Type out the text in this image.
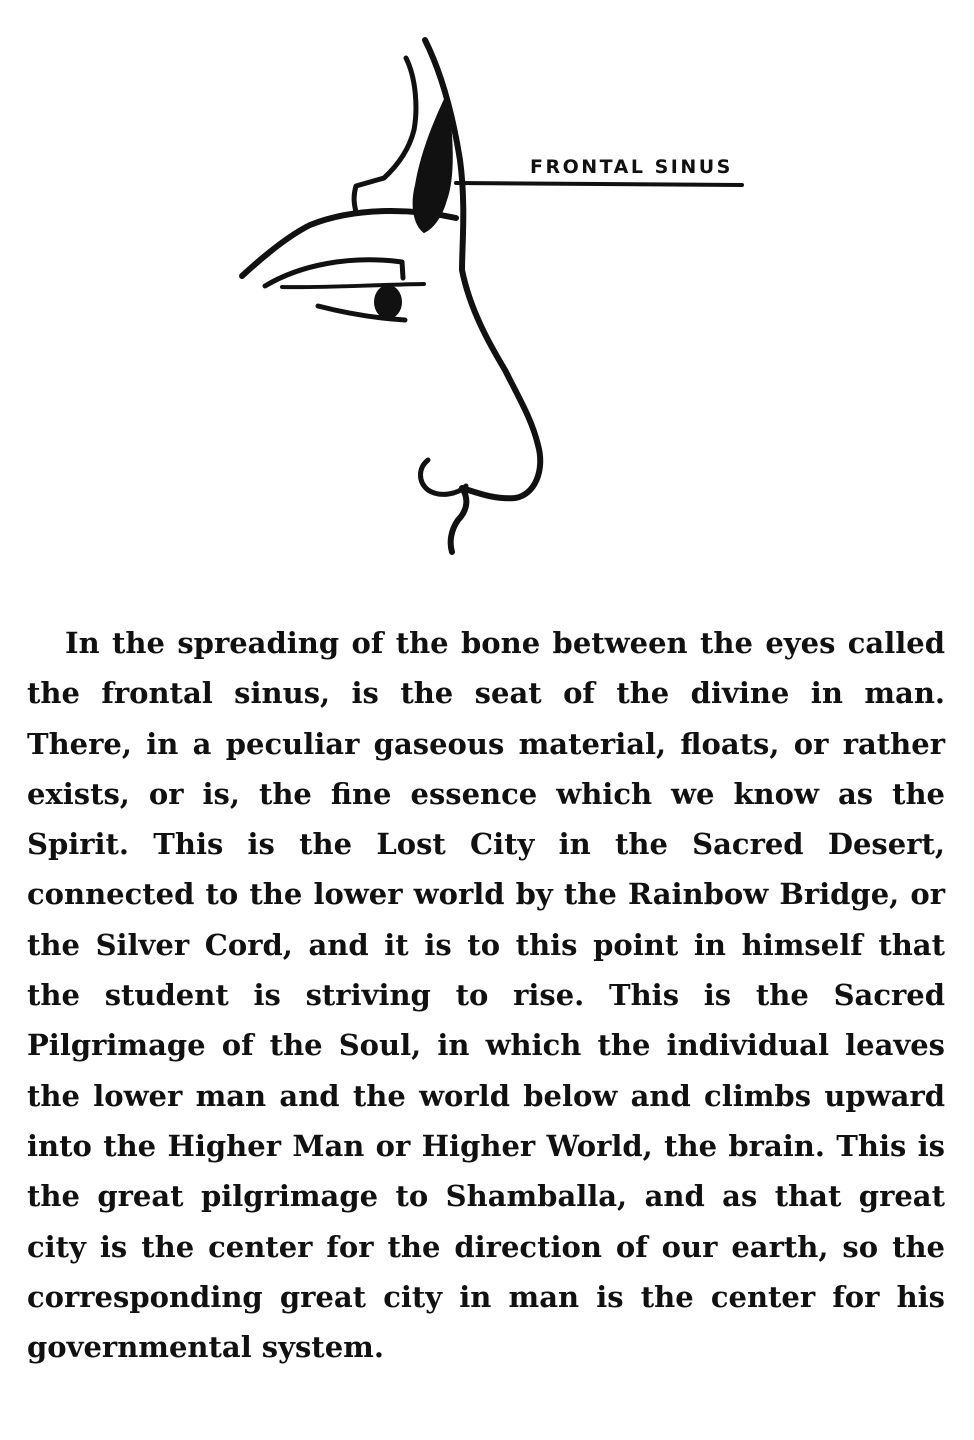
FRONTAL SINUS

In the spreading of the bone between the eyes called the frontal sinus, is the seat of the divine in man. There, in a peculiar gaseous material, floats, or rather exists, or is, the fine essence which we know as the Spirit. This is the Lost City in the Sacred Desert, connected to the lower world by the Rainbow Bridge, or the Silver Cord, and it is to this point in himself that the student is striving to rise. This is the Sacred Pilgrimage of the Soul, in which the individual leaves the lower man and the world below and climbs upward into the Higher Man or Higher World, the brain. This is the great pilgrimage to Shamballa, and as that great city is the center for the direction of our earth, so the corresponding great city in man is the center for his governmental system.
